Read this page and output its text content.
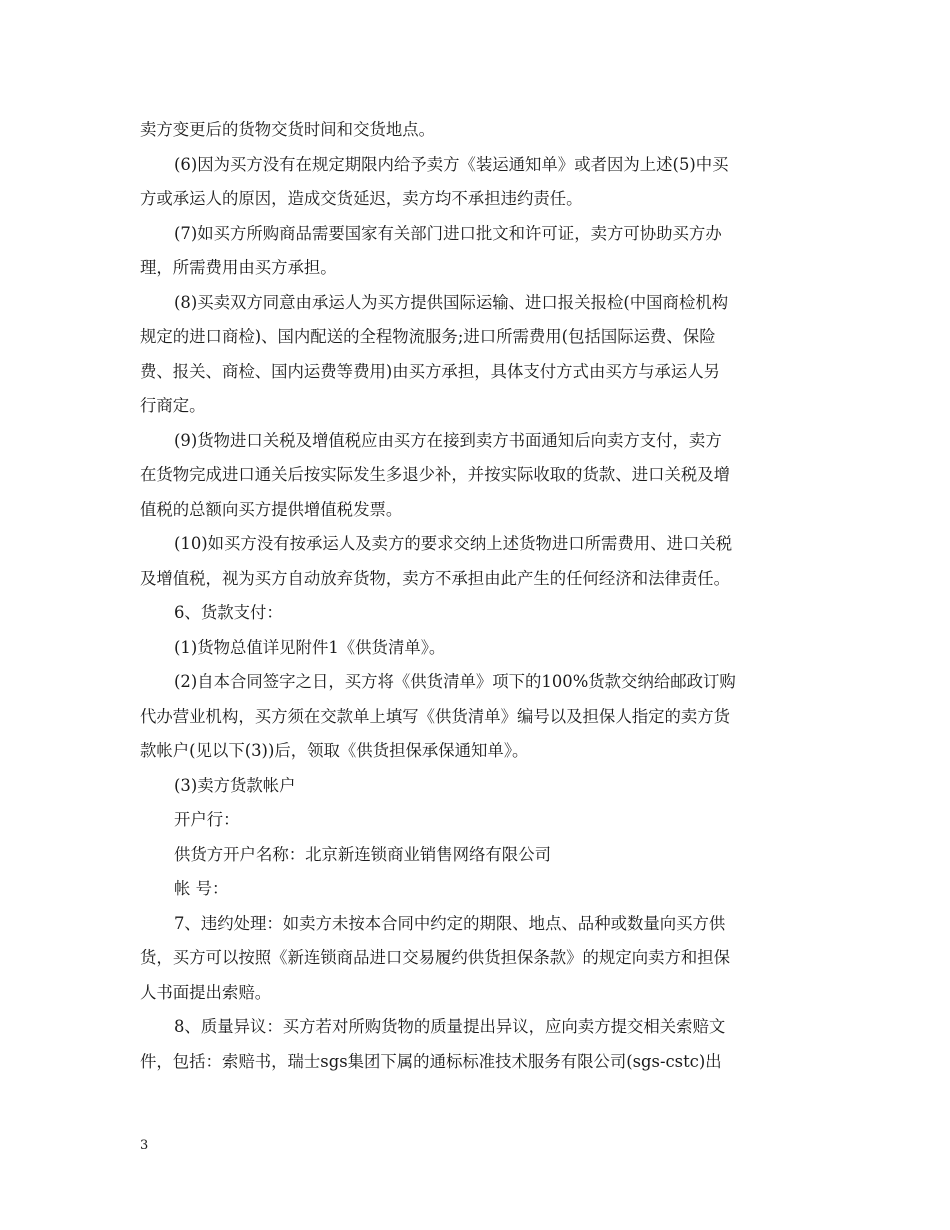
卖方变更后的货物交货时间和交货地点。
(6)因为买方没有在规定期限内给予卖方《装运通知单》或者因为上述(5)中买
方或承运人的原因，造成交货延迟，卖方均不承担违约责任。
(7)如买方所购商品需要国家有关部门进口批文和许可证，卖方可协助买方办
理，所需费用由买方承担。
(8)买卖双方同意由承运人为买方提供国际运输、进口报关报检(中国商检机构
规定的进口商检)、国内配送的全程物流服务;进口所需费用(包括国际运费、保险
费、报关、商检、国内运费等费用)由买方承担，具体支付方式由买方与承运人另
行商定。
(9)货物进口关税及增值税应由买方在接到卖方书面通知后向卖方支付，卖方
在货物完成进口通关后按实际发生多退少补，并按实际收取的货款、进口关税及增
值税的总额向买方提供增值税发票。
(10)如买方没有按承运人及卖方的要求交纳上述货物进口所需费用、进口关税
及增值税，视为买方自动放弃货物，卖方不承担由此产生的任何经济和法律责任。
6、货款支付：
(1)货物总值详见附件1《供货清单》。
(2)自本合同签字之日，买方将《供货清单》项下的100%货款交纳给邮政订购
代办营业机构，买方须在交款单上填写《供货清单》编号以及担保人指定的卖方货
款帐户(见以下(3))后，领取《供货担保承保通知单》。
(3)卖方货款帐户
开户行：
供货方开户名称：北京新连锁商业销售网络有限公司
帐 号：
7、违约处理：如卖方未按本合同中约定的期限、地点、品种或数量向买方供
货，买方可以按照《新连锁商品进口交易履约供货担保条款》的规定向卖方和担保
人书面提出索赔。
8、质量异议：买方若对所购货物的质量提出异议，应向卖方提交相关索赔文
件，包括：索赔书，瑞士sgs集团下属的通标标准技术服务有限公司(sgs-cstc)出
3
